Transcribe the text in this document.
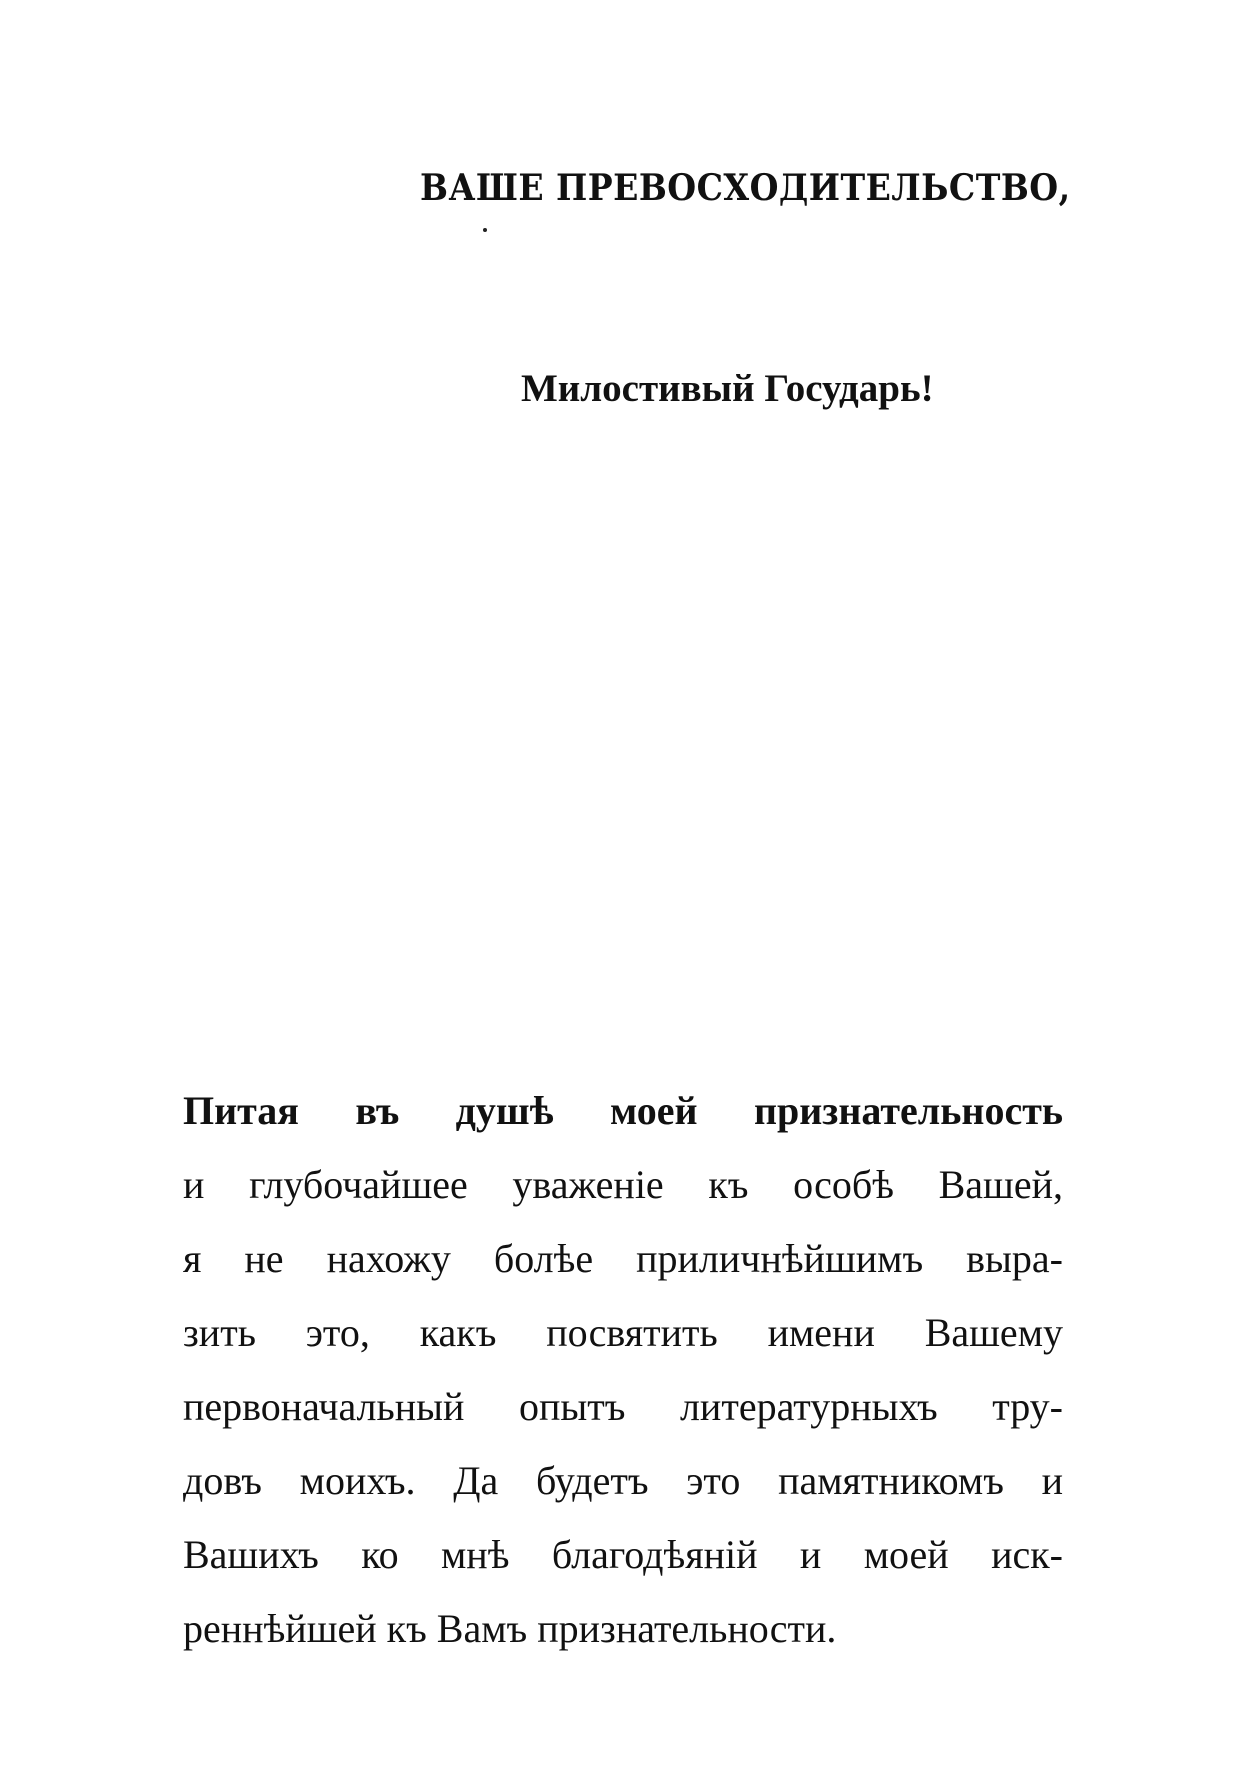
ВАШЕ ПРЕВОСХОДИТЕЛЬСТВО,
Милостивый Государь!
Питая въ душѣ моей признательность
и глубочайшее уваженіе къ особѣ Вашей,
я не нахожу болѣе приличнѣйшимъ выра-
зить это, какъ посвятить имени Вашему
первоначальный опытъ литературныхъ тру-
довъ моихъ. Да будетъ это памятникомъ и
Вашихъ ко мнѣ благодѣяній и моей иск-
реннѣйшей къ Вамъ признательности.
